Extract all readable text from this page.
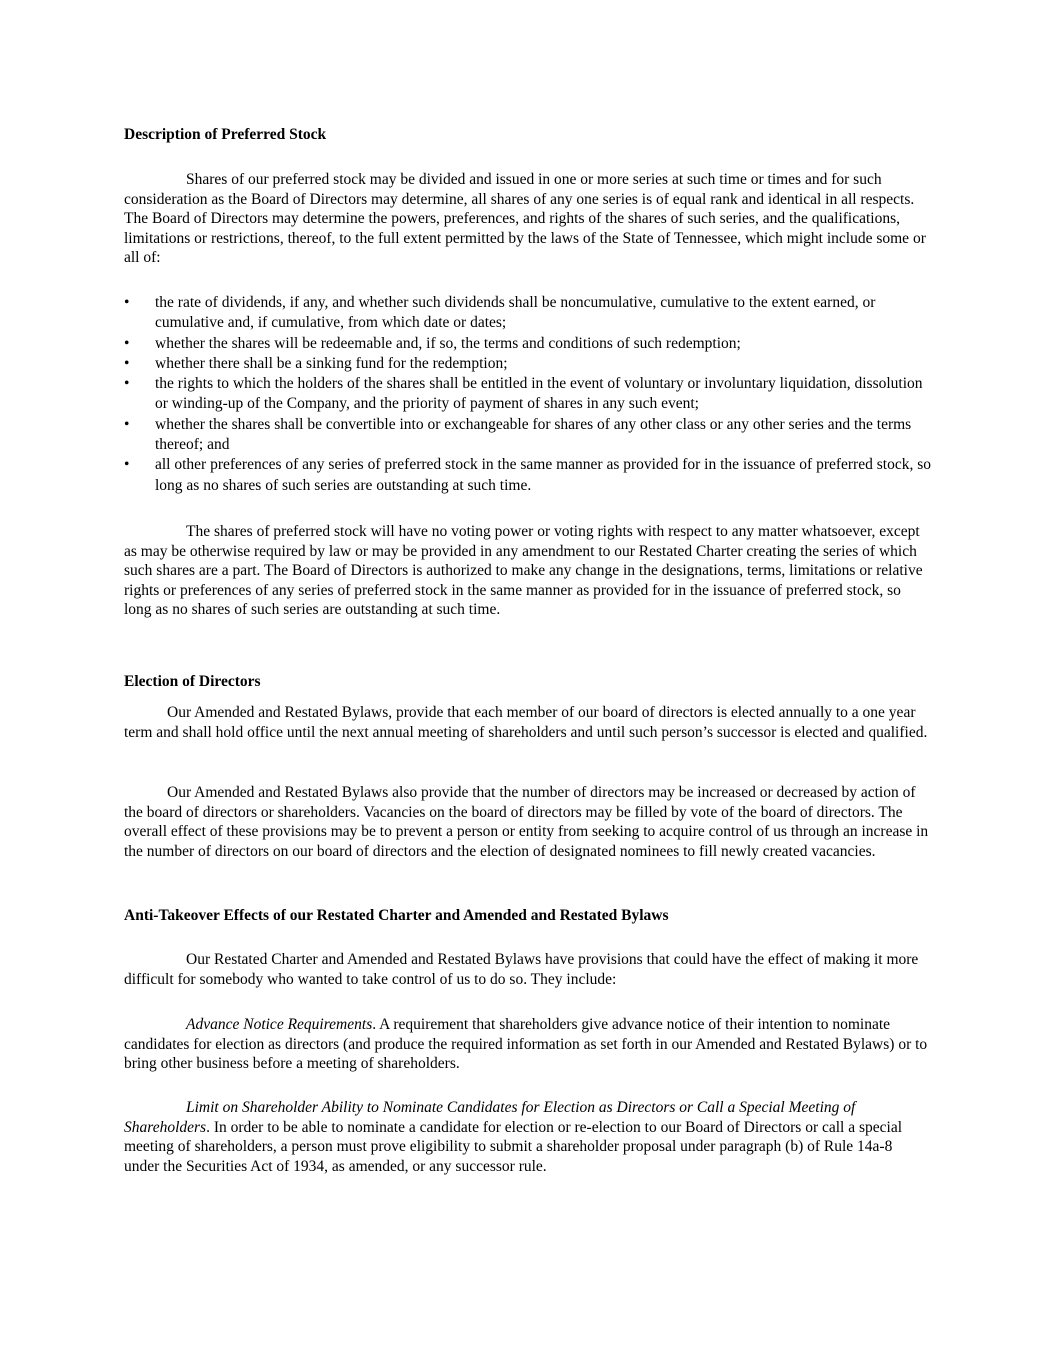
Description of Preferred Stock
Shares of our preferred stock may be divided and issued in one or more series at such time or times and for such consideration as the Board of Directors may determine, all shares of any one series is of equal rank and identical in all respects. The Board of Directors may determine the powers, preferences, and rights of the shares of such series, and the qualifications, limitations or restrictions, thereof, to the full extent permitted by the laws of the State of Tennessee, which might include some or all of:
• the rate of dividends, if any, and whether such dividends shall be noncumulative, cumulative to the extent earned, or cumulative and, if cumulative, from which date or dates;
• whether the shares will be redeemable and, if so, the terms and conditions of such redemption;
• whether there shall be a sinking fund for the redemption;
• the rights to which the holders of the shares shall be entitled in the event of voluntary or involuntary liquidation, dissolution or winding-up of the Company, and the priority of payment of shares in any such event;
• whether the shares shall be convertible into or exchangeable for shares of any other class or any other series and the terms thereof; and
• all other preferences of any series of preferred stock in the same manner as provided for in the issuance of preferred stock, so long as no shares of such series are outstanding at such time.
The shares of preferred stock will have no voting power or voting rights with respect to any matter whatsoever, except as may be otherwise required by law or may be provided in any amendment to our Restated Charter creating the series of which such shares are a part. The Board of Directors is authorized to make any change in the designations, terms, limitations or relative rights or preferences of any series of preferred stock in the same manner as provided for in the issuance of preferred stock, so long as no shares of such series are outstanding at such time.
Election of Directors
Our Amended and Restated Bylaws, provide that each member of our board of directors is elected annually to a one year term and shall hold office until the next annual meeting of shareholders and until such person’s successor is elected and qualified.
Our Amended and Restated Bylaws also provide that the number of directors may be increased or decreased by action of the board of directors or shareholders. Vacancies on the board of directors may be filled by vote of the board of directors. The overall effect of these provisions may be to prevent a person or entity from seeking to acquire control of us through an increase in the number of directors on our board of directors and the election of designated nominees to fill newly created vacancies.
Anti-Takeover Effects of our Restated Charter and Amended and Restated Bylaws
Our Restated Charter and Amended and Restated Bylaws have provisions that could have the effect of making it more difficult for somebody who wanted to take control of us to do so. They include:
Advance Notice Requirements. A requirement that shareholders give advance notice of their intention to nominate candidates for election as directors (and produce the required information as set forth in our Amended and Restated Bylaws) or to bring other business before a meeting of shareholders.
Limit on Shareholder Ability to Nominate Candidates for Election as Directors or Call a Special Meeting of Shareholders. In order to be able to nominate a candidate for election or re-election to our Board of Directors or call a special meeting of shareholders, a person must prove eligibility to submit a shareholder proposal under paragraph (b) of Rule 14a-8 under the Securities Act of 1934, as amended, or any successor rule.
